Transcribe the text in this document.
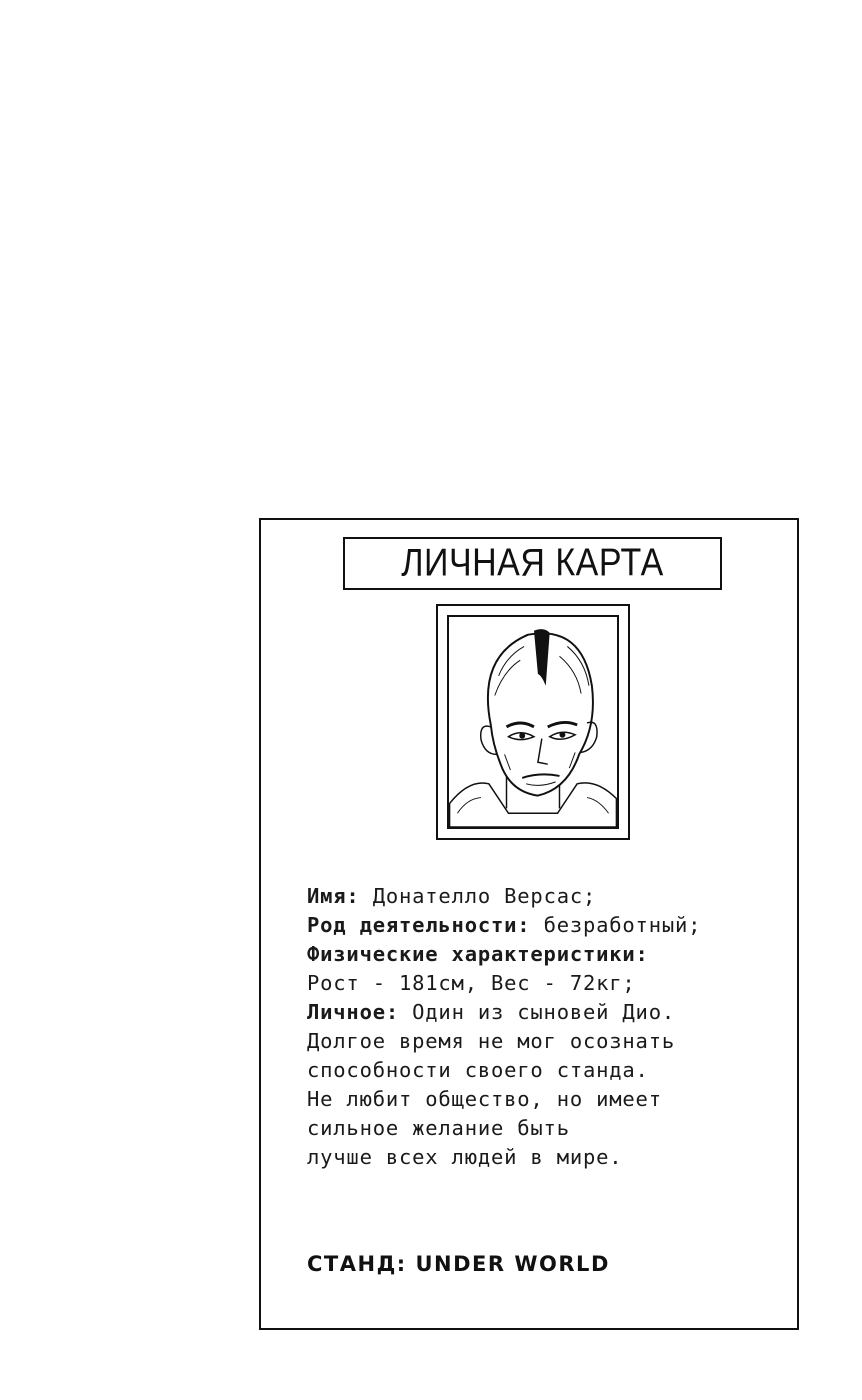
ЛИЧНАЯ КАРТА
Имя: Донателло Версас;
Род деятельности: безработный;
Физические характеристики:
Рост - 181см, Вес - 72кг;
Личное: Один из сыновей Дио.
Долгое время не мог осознать
способности своего станда.
Не любит общество, но имеет
сильное желание быть
лучше всех людей в мире.
СТАНД: UNDER WORLD
